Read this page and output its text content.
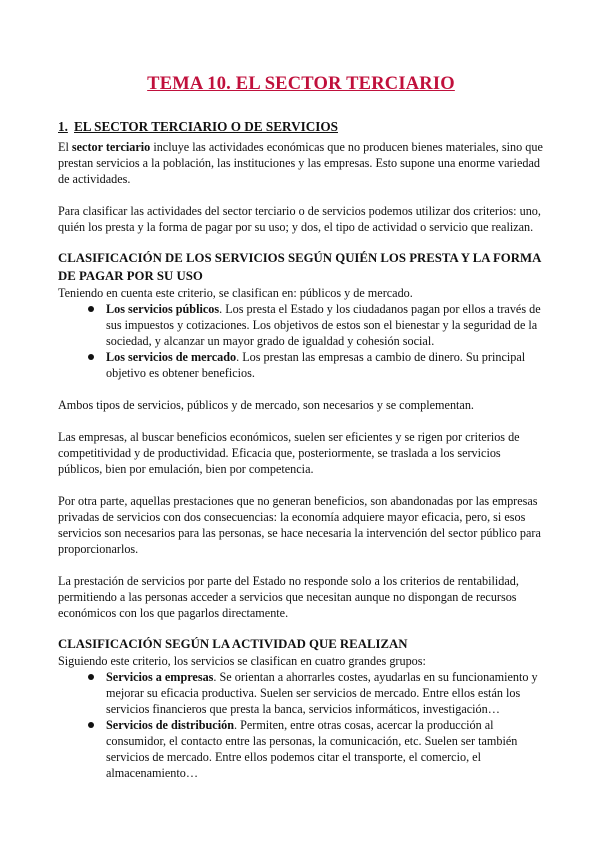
TEMA 10. EL SECTOR TERCIARIO
1. EL SECTOR TERCIARIO O DE SERVICIOS

El sector terciario incluye las actividades económicas que no producen bienes materiales, sino que prestan servicios a la población, las instituciones y las empresas. Esto supone una enorme variedad de actividades.

Para clasificar las actividades del sector terciario o de servicios podemos utilizar dos criterios: uno, quién los presta y la forma de pagar por su uso; y dos, el tipo de actividad o servicio que realizan.

CLASIFICACIÓN DE LOS SERVICIOS SEGÚN QUIÉN LOS PRESTA Y LA FORMA DE PAGAR POR SU USO

Teniendo en cuenta este criterio, se clasifican en: públicos y de mercado.

Los servicios públicos. Los presta el Estado y los ciudadanos pagan por ellos a través de sus impuestos y cotizaciones. Los objetivos de estos son el bienestar y la seguridad de la sociedad, y alcanzar un mayor grado de igualdad y cohesión social.
Los servicios de mercado. Los prestan las empresas a cambio de dinero. Su principal objetivo es obtener beneficios.

Ambos tipos de servicios, públicos y de mercado, son necesarios y se complementan.

Las empresas, al buscar beneficios económicos, suelen ser eficientes y se rigen por criterios de competitividad y de productividad. Eficacia que, posteriormente, se traslada a los servicios públicos, bien por emulación, bien por competencia.

Por otra parte, aquellas prestaciones que no generan beneficios, son abandonadas por las empresas privadas de servicios con dos consecuencias: la economía adquiere mayor eficacia, pero, si esos servicios son necesarios para las personas, se hace necesaria la intervención del sector público para proporcionarlos.

La prestación de servicios por parte del Estado no responde solo a los criterios de rentabilidad, permitiendo a las personas acceder a servicios que necesitan aunque no dispongan de recursos económicos con los que pagarlos directamente.

CLASIFICACIÓN SEGÚN LA ACTIVIDAD QUE REALIZAN

Siguiendo este criterio, los servicios se clasifican en cuatro grandes grupos:

Servicios a empresas. Se orientan a ahorrarles costes, ayudarlas en su funcionamiento y mejorar su eficacia productiva. Suelen ser servicios de mercado. Entre ellos están los servicios financieros que presta la banca, servicios informáticos, investigación…
Servicios de distribución. Permiten, entre otras cosas, acercar la producción al consumidor, el contacto entre las personas, la comunicación, etc. Suelen ser también servicios de mercado. Entre ellos podemos citar el transporte, el comercio, el almacenamiento…
